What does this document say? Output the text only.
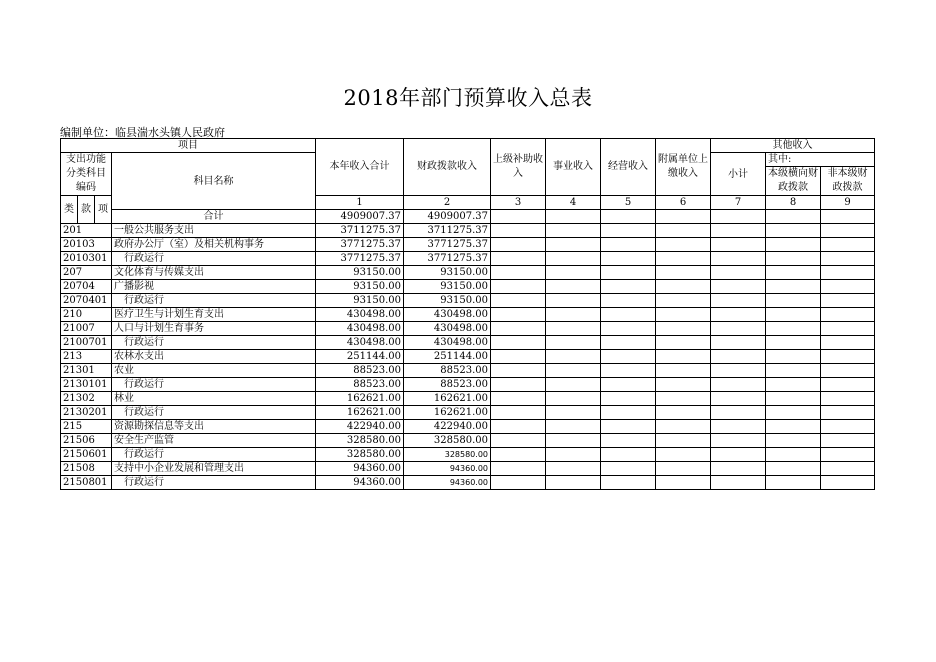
2018年部门预算收入总表
编制单位：临县湍水头镇人民政府
项目				本年收入合计	财政拨款收入	上级补助收入	事业收入	经营收入	附属单位上缴收入	其他收入		
支出功能分类科目编码			科目名称							小计	其中:	
											本级横向财政拨款	非本级财政拨款
类	款	项		1	2	3	4	5	6	7	8	9
			合计	4909007.37	4909007.37							
201			一般公共服务支出	3711275.37	3711275.37							
20103			政府办公厅（室）及相关机构事务	3771275.37	3771275.37							
2010301			行政运行	3771275.37	3771275.37							
207			文化体育与传媒支出	93150.00	93150.00							
20704			广播影视	93150.00	93150.00							
2070401			行政运行	93150.00	93150.00							
210			医疗卫生与计划生育支出	430498.00	430498.00							
21007			人口与计划生育事务	430498.00	430498.00							
2100701			行政运行	430498.00	430498.00							
213			农林水支出	251144.00	251144.00							
21301			农业	88523.00	88523.00							
2130101			行政运行	88523.00	88523.00							
21302			林业	162621.00	162621.00							
2130201			行政运行	162621.00	162621.00							
215			资源勘探信息等支出	422940.00	422940.00							
21506			安全生产监管	328580.00	328580.00							
2150601			行政运行	328580.00	328580.00							
21508			支持中小企业发展和管理支出	94360.00	94360.00							
2150801			行政运行	94360.00	94360.00							
